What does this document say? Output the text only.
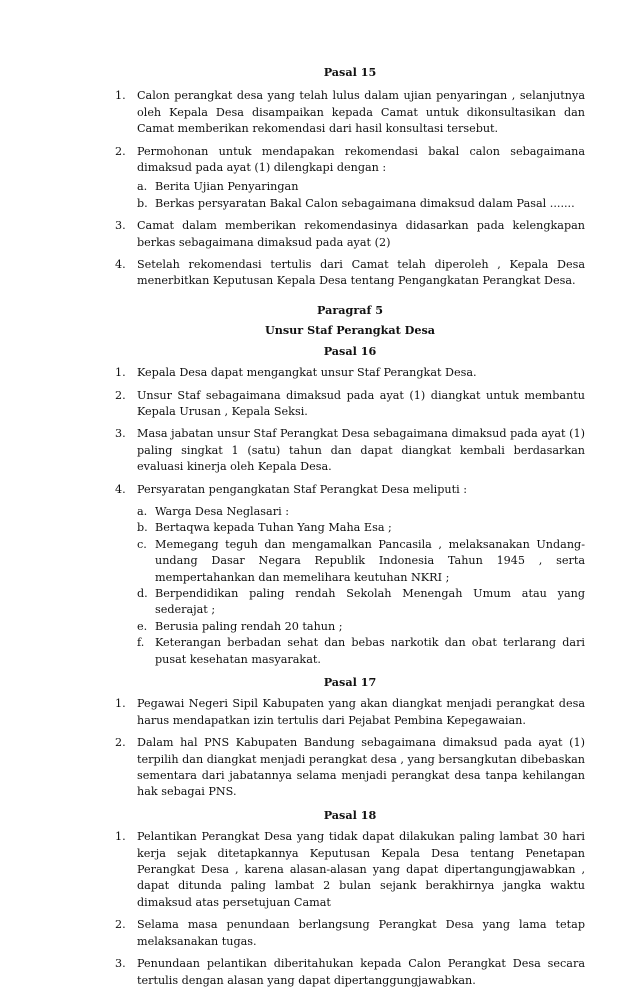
Pasal 15

1.	Calon perangkat desa yang telah lulus dalam ujian penyaringan , selanjutnya oleh Kepala Desa disampaikan kepada Camat untuk dikonsultasikan dan Camat memberikan rekomendasi dari hasil konsultasi tersebut.
2.	Permohonan untuk mendapakan rekomendasi bakal calon sebagaimana dimaksud pada ayat (1) dilengkapi dengan :
a. Berita Ujian Penyaringan
b. Berkas persyaratan Bakal Calon sebagaimana dimaksud dalam Pasal .......
3.	Camat dalam memberikan rekomendasinya didasarkan pada kelengkapan berkas sebagaimana dimaksud pada ayat (2)
4.	Setelah rekomendasi tertulis dari Camat telah diperoleh , Kepala Desa menerbitkan Keputusan Kepala Desa tentang Pengangkatan Perangkat Desa.

Paragraf 5

Unsur Staf Perangkat Desa

Pasal 16

1.	Kepala Desa dapat mengangkat unsur Staf Perangkat Desa.
2.	Unsur Staf sebagaimana dimaksud pada ayat (1) diangkat untuk membantu Kepala Urusan , Kepala Seksi.
3.	Masa jabatan unsur Staf Perangkat Desa sebagaimana dimaksud pada ayat (1) paling singkat 1 (satu) tahun dan dapat diangkat kembali berdasarkan evaluasi kinerja oleh Kepala Desa.
4.	Persyaratan pengangkatan Staf Perangkat Desa meliputi :
a. Warga Desa Neglasari :
b. Bertaqwa kepada Tuhan Yang Maha Esa ;
c. Memegang teguh dan mengamalkan Pancasila , melaksanakan Undang-undang Dasar Negara Republik Indonesia Tahun 1945 , serta mempertahankan dan memelihara keutuhan NKRI ;
d. Berpendidikan paling rendah Sekolah Menengah Umum atau yang sederajat ;
e. Berusia paling rendah 20 tahun ;
f. Keterangan berbadan sehat dan bebas narkotik dan obat terlarang dari pusat kesehatan masyarakat.

Pasal 17

1.	Pegawai Negeri Sipil Kabupaten yang akan diangkat menjadi perangkat desa harus mendapatkan izin tertulis dari Pejabat Pembina Kepegawaian.
2.	Dalam hal PNS Kabupaten Bandung sebagaimana dimaksud pada ayat (1) terpilih dan diangkat menjadi perangkat desa , yang bersangkutan dibebaskan sementara dari jabatannya selama menjadi perangkat desa tanpa kehilangan hak sebagai PNS.

Pasal 18

1.	Pelantikan Perangkat Desa yang tidak dapat dilakukan paling lambat 30 hari kerja sejak ditetapkannya Keputusan Kepala Desa tentang Penetapan Perangkat Desa , karena alasan-alasan yang dapat dipertangungjawabkan , dapat ditunda paling lambat 2 bulan sejank berakhirnya jangka waktu dimaksud atas persetujuan Camat
2.	Selama masa penundaan berlangsung Perangkat Desa yang lama tetap melaksanakan tugas.
3.	Penundaan pelantikan diberitahukan kepada Calon Perangkat Desa secara tertulis dengan alasan yang dapat dipertanggungjawabkan.
